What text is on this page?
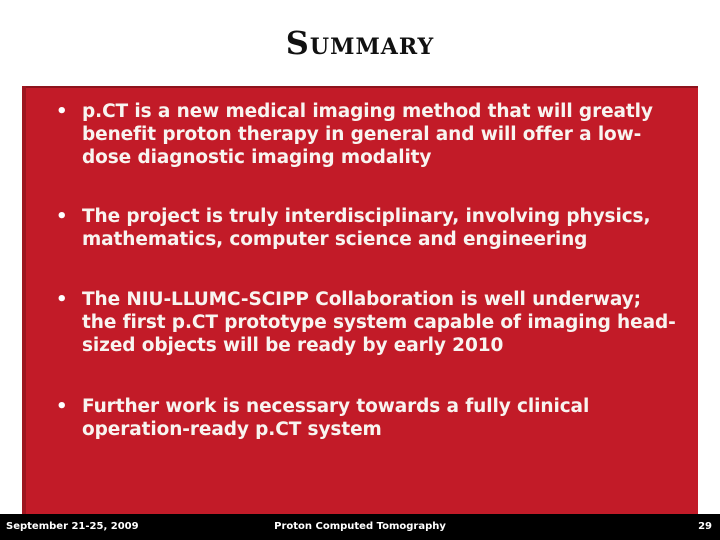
Summary
• p.CT is a new medical imaging method that will greatly benefit proton therapy in general and will offer a low-dose diagnostic imaging modality
• The project is truly interdisciplinary, involving physics, mathematics, computer science and engineering
• The NIU-LLUMC-SCIPP Collaboration is well underway; the first p.CT prototype system capable of imaging head-sized objects will be ready by early 2010
• Further work is necessary towards a fully clinical operation-ready p.CT system
September 21-25, 2009	Proton Computed Tomography	29
